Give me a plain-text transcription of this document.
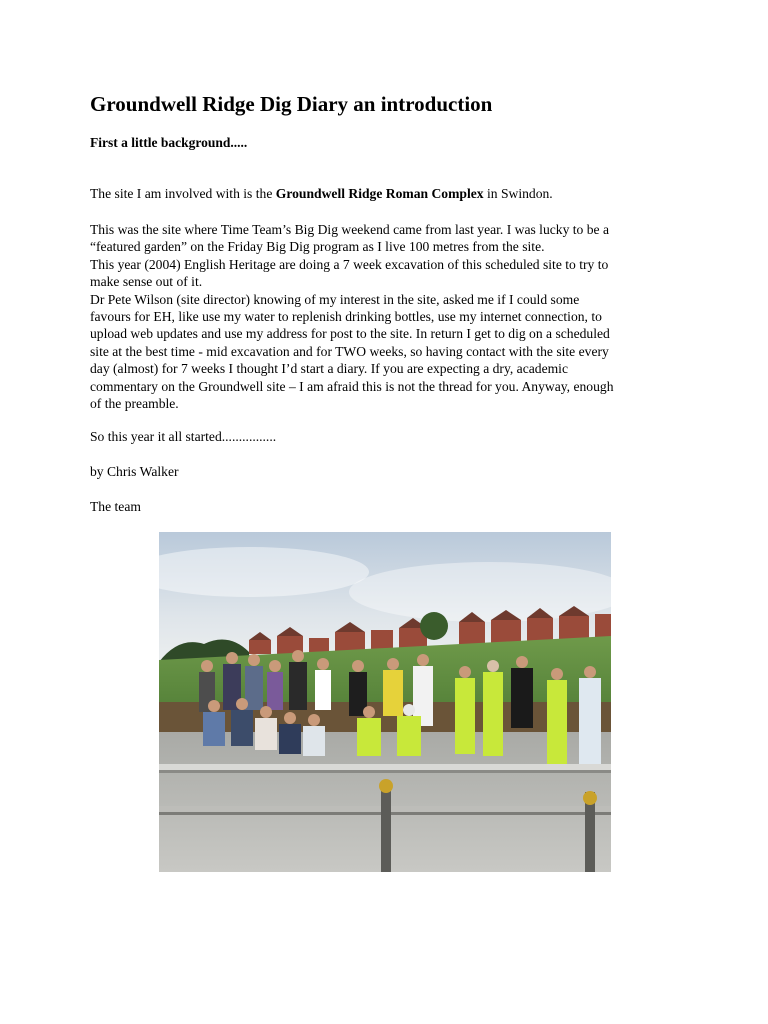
Groundwell Ridge Dig Diary an introduction

First a little background.....

The site I am involved with is the Groundwell Ridge Roman Complex in Swindon.

This was the site where Time Team’s Big Dig weekend came from last year. I was lucky to be a
“featured garden” on the Friday Big Dig program as I live 100 metres from the site.
This year (2004) English Heritage are doing a 7 week excavation of this scheduled site to try to
make sense out of it.
Dr Pete Wilson (site director) knowing of my interest in the site, asked me if I could some
favours for EH, like use my water to replenish drinking bottles, use my internet connection, to
upload web updates and use my address for post to the site. In return I get to dig on a scheduled
site at the best time - mid excavation and for TWO weeks, so having contact with the site every
day (almost) for 7 weeks I thought I’d start a diary. If you are expecting a dry, academic
commentary on the Groundwell site – I am afraid this is not the thread for you. Anyway, enough
of the preamble.

So this year it all started................

by Chris Walker

The team
